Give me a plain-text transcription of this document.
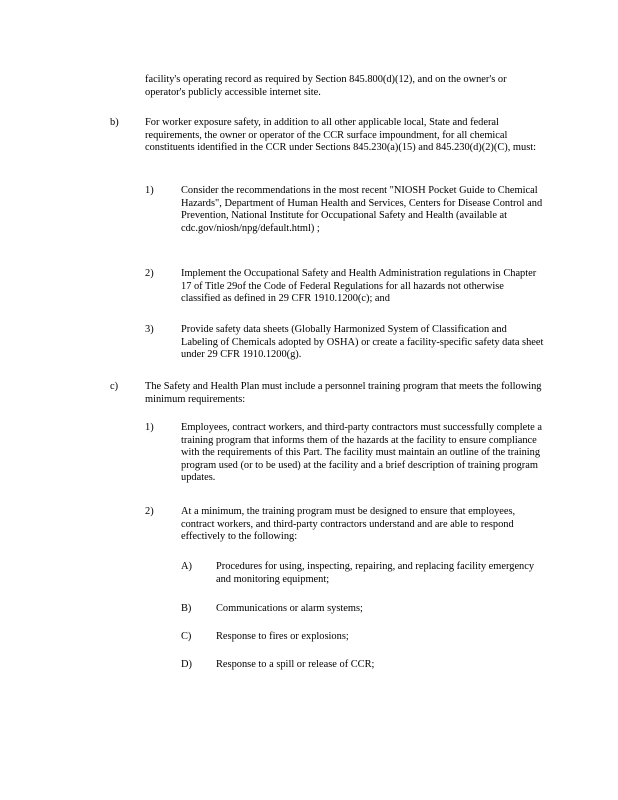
facility's operating record as required by Section 845.800(d)(12), and on the owner's or operator's publicly accessible internet site.

b)	For worker exposure safety, in addition to all other applicable local, State and federal requirements, the owner or operator of the CCR surface impoundment, for all chemical constituents identified in the CCR under Sections 845.230(a)(15) and 845.230(d)(2)(C), must:

1)	Consider the recommendations in the most recent "NIOSH Pocket Guide to Chemical Hazards", Department of Human Health and Services, Centers for Disease Control and Prevention, National Institute for Occupational Safety and Health (available at cdc.gov/niosh/npg/default.html) ;

2)	Implement the Occupational Safety and Health Administration regulations in Chapter 17 of Title 29of the Code of Federal Regulations for all hazards not otherwise classified as defined in 29 CFR 1910.1200(c); and

3)	Provide safety data sheets (Globally Harmonized System of Classification and Labeling of Chemicals adopted by OSHA) or create a facility-specific safety data sheet under 29 CFR 1910.1200(g).

c)	The Safety and Health Plan must include a personnel training program that meets the following minimum requirements:

1)	Employees, contract workers, and third-party contractors must successfully complete a training program that informs them of the hazards at the facility to ensure compliance with the requirements of this Part. The facility must maintain an outline of the training program used (or to be used) at the facility and a brief description of training program updates.

2)	At a minimum, the training program must be designed to ensure that employees, contract workers, and third-party contractors understand and are able to respond effectively to the following:

A) Procedures for using, inspecting, repairing, and replacing facility emergency and monitoring equipment;

B) Communications or alarm systems;

C) Response to fires or explosions;

D) Response to a spill or release of CCR;
